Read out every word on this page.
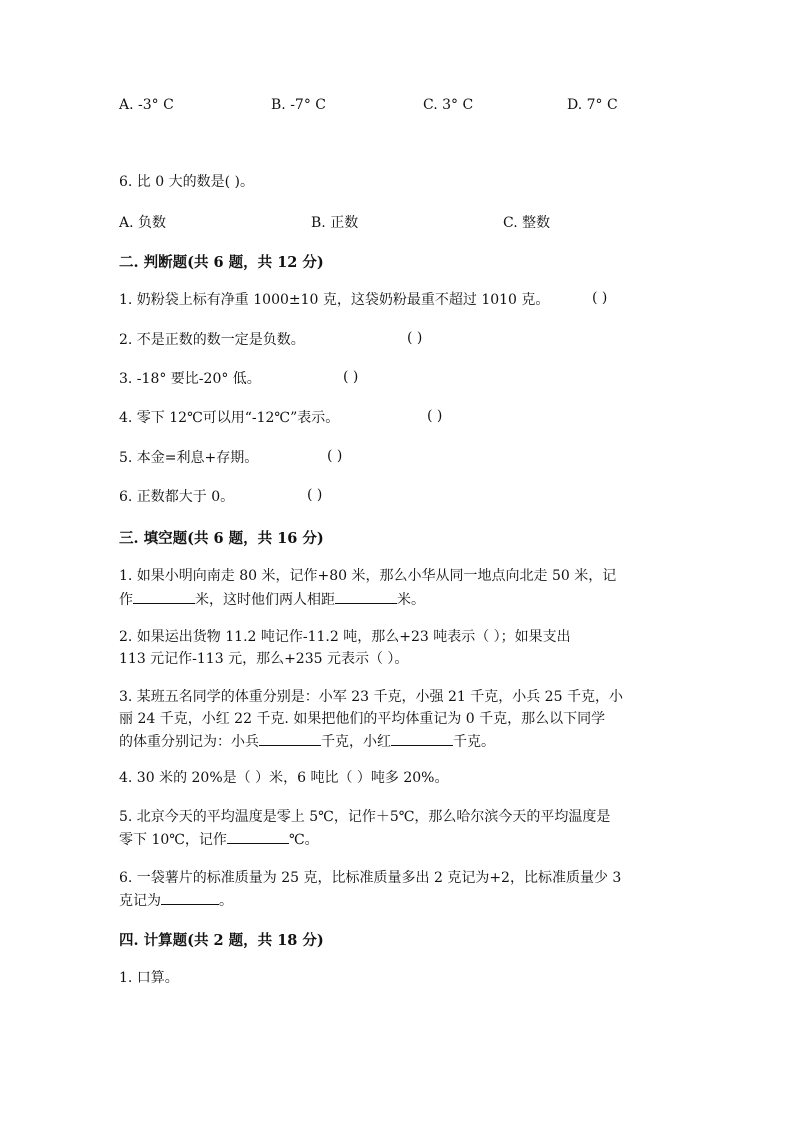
A. -3° C	B. -7° C	C. 3° C	D. 7° C
6. 比 0 大的数是( )。
A. 负数	B. 正数	C. 整数
二. 判断题(共 6 题，共 12 分)
1. 奶粉袋上标有净重 1000±10 克，这袋奶粉最重不超过 1010 克。	( )
2. 不是正数的数一定是负数。	( )
3. -18° 要比-20° 低。	( )
4. 零下 12℃可以用“-12℃”表示。	( )
5. 本金=利息+存期。	( )
6. 正数都大于 0。	( )
三. 填空题(共 6 题，共 16 分)
1. 如果小明向南走 80 米，记作+80 米，那么小华从同一地点向北走 50 米，记
作	米，这时他们两人相距	米。
2. 如果运出货物 11.2 吨记作-11.2 吨，那么+23 吨表示（ ）；如果支出
113 元记作-113 元，那么+235 元表示（ ）。
3. 某班五名同学的体重分别是：小军 23 千克，小强 21 千克，小兵 25 千克，小
丽 24 千克，小红 22 千克. 如果把他们的平均体重记为 0 千克，那么以下同学
的体重分别记为：小兵	千克，小红	千克。
4. 30 米的 20%是（ ）米，6 吨比（ ）吨多 20%。
5. 北京今天的平均温度是零上 5℃，记作＋5℃，那么哈尔滨今天的平均温度是
零下 10℃，记作	℃。
6. 一袋薯片的标准质量为 25 克，比标准质量多出 2 克记为+2，比标准质量少 3
克记为	。
四. 计算题(共 2 题，共 18 分)
1. 口算。
